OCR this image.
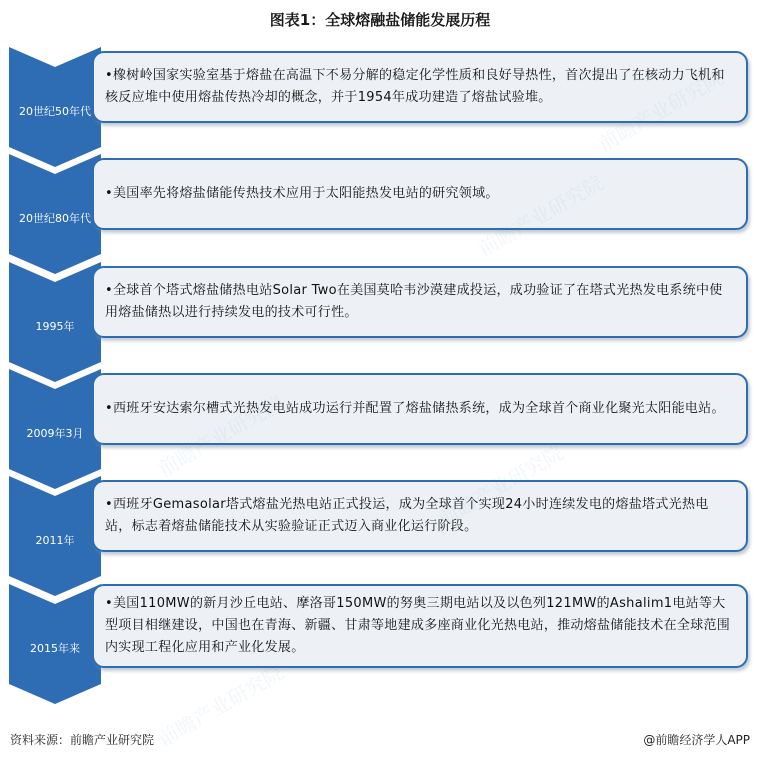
图表1：全球熔融盐储能发展历程
20世纪50年代
•橡树岭国家实验室基于熔盐在高温下不易分解的稳定化学性质和良好导热性，首次提出了在核动力飞机和核反应堆中使用熔盐传热冷却的概念，并于1954年成功建造了熔盐试验堆。
20世纪80年代
•美国率先将熔盐储能传热技术应用于太阳能热发电站的研究领域。
1995年
•全球首个塔式熔盐储热电站Solar Two在美国莫哈韦沙漠建成投运，成功验证了在塔式光热发电系统中使用熔盐储热以进行持续发电的技术可行性。
2009年3月
•西班牙安达索尔槽式光热发电站成功运行并配置了熔盐储热系统，成为全球首个商业化聚光太阳能电站。
2011年
•西班牙Gemasolar塔式熔盐光热电站正式投运，成为全球首个实现24小时连续发电的熔盐塔式光热电站，标志着熔盐储能技术从实验验证正式迈入商业化运行阶段。
2015年来
•美国110MW的新月沙丘电站、摩洛哥150MW的努奥三期电站以及以色列121MW的Ashalim1电站等大型项目相继建设，中国也在青海、新疆、甘肃等地建成多座商业化光热电站，推动熔盐储能技术在全球范围内实现工程化应用和产业化发展。
前瞻产业研究院
资料来源：前瞻产业研究院	@前瞻经济学人APP
